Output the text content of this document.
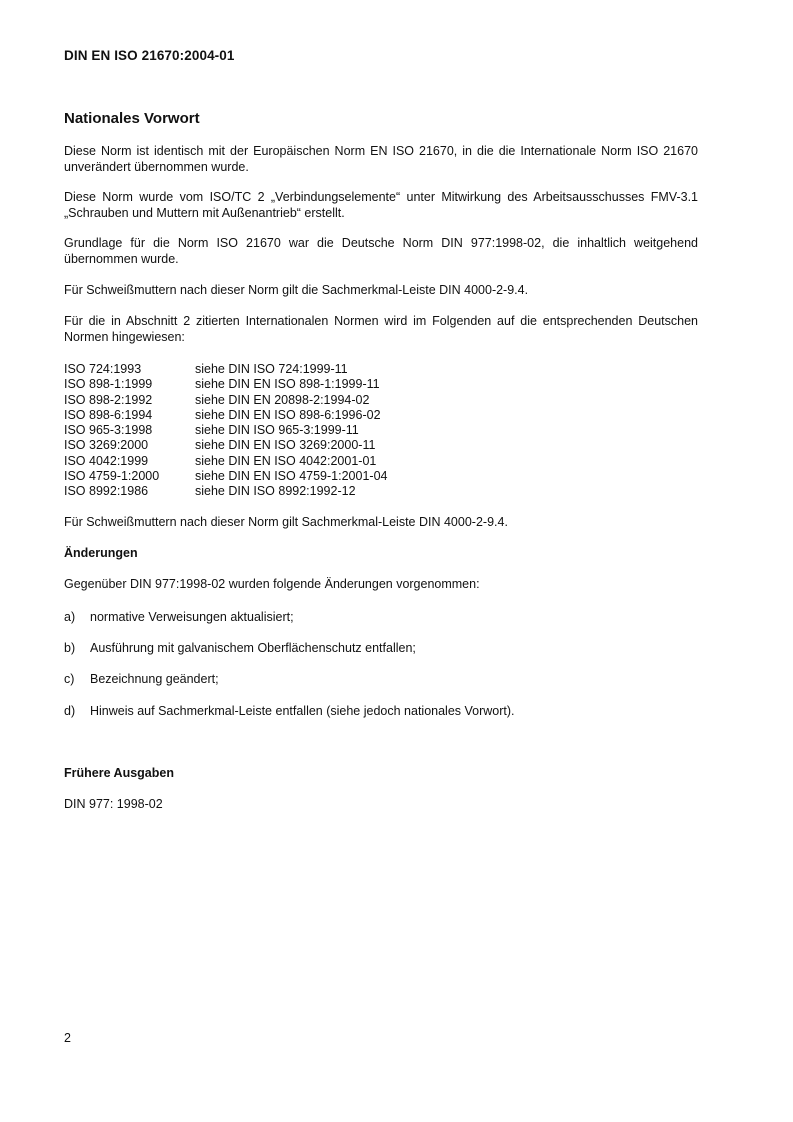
DIN EN ISO 21670:2004-01
Nationales Vorwort

Diese Norm ist identisch mit der Europäischen Norm EN ISO 21670, in die die Internationale Norm ISO 21670 unverändert übernommen wurde.

Diese Norm wurde vom ISO/TC 2 „Verbindungselemente“ unter Mitwirkung des Arbeitsausschusses FMV-3.1 „Schrauben und Muttern mit Außenantrieb“ erstellt.

Grundlage für die Norm ISO 21670 war die Deutsche Norm DIN 977:1998-02, die inhaltlich weitgehend übernommen wurde.

Für Schweißmuttern nach dieser Norm gilt die Sachmerkmal-Leiste DIN 4000-2-9.4.

Für die in Abschnitt 2 zitierten Internationalen Normen wird im Folgenden auf die entsprechenden Deutschen Normen hingewiesen:

ISO 724:1993	siehe DIN ISO 724:1999-11
ISO 898-1:1999	siehe DIN EN ISO 898-1:1999-11
ISO 898-2:1992	siehe DIN EN 20898-2:1994-02
ISO 898-6:1994	siehe DIN EN ISO 898-6:1996-02
ISO 965-3:1998	siehe DIN ISO 965-3:1999-11
ISO 3269:2000	siehe DIN EN ISO 3269:2000-11
ISO 4042:1999	siehe DIN EN ISO 4042:2001-01
ISO 4759-1:2000	siehe DIN EN ISO 4759-1:2001-04
ISO 8992:1986	siehe DIN ISO 8992:1992-12

Für Schweißmuttern nach dieser Norm gilt Sachmerkmal-Leiste DIN 4000-2-9.4.

Änderungen
Gegenüber DIN 977:1998-02 wurden folgende Änderungen vorgenommen:
a) normative Verweisungen aktualisiert;
b) Ausführung mit galvanischem Oberflächenschutz entfallen;
c) Bezeichnung geändert;
d) Hinweis auf Sachmerkmal-Leiste entfallen (siehe jedoch nationales Vorwort).
Frühere Ausgaben
DIN 977: 1998-02
2
